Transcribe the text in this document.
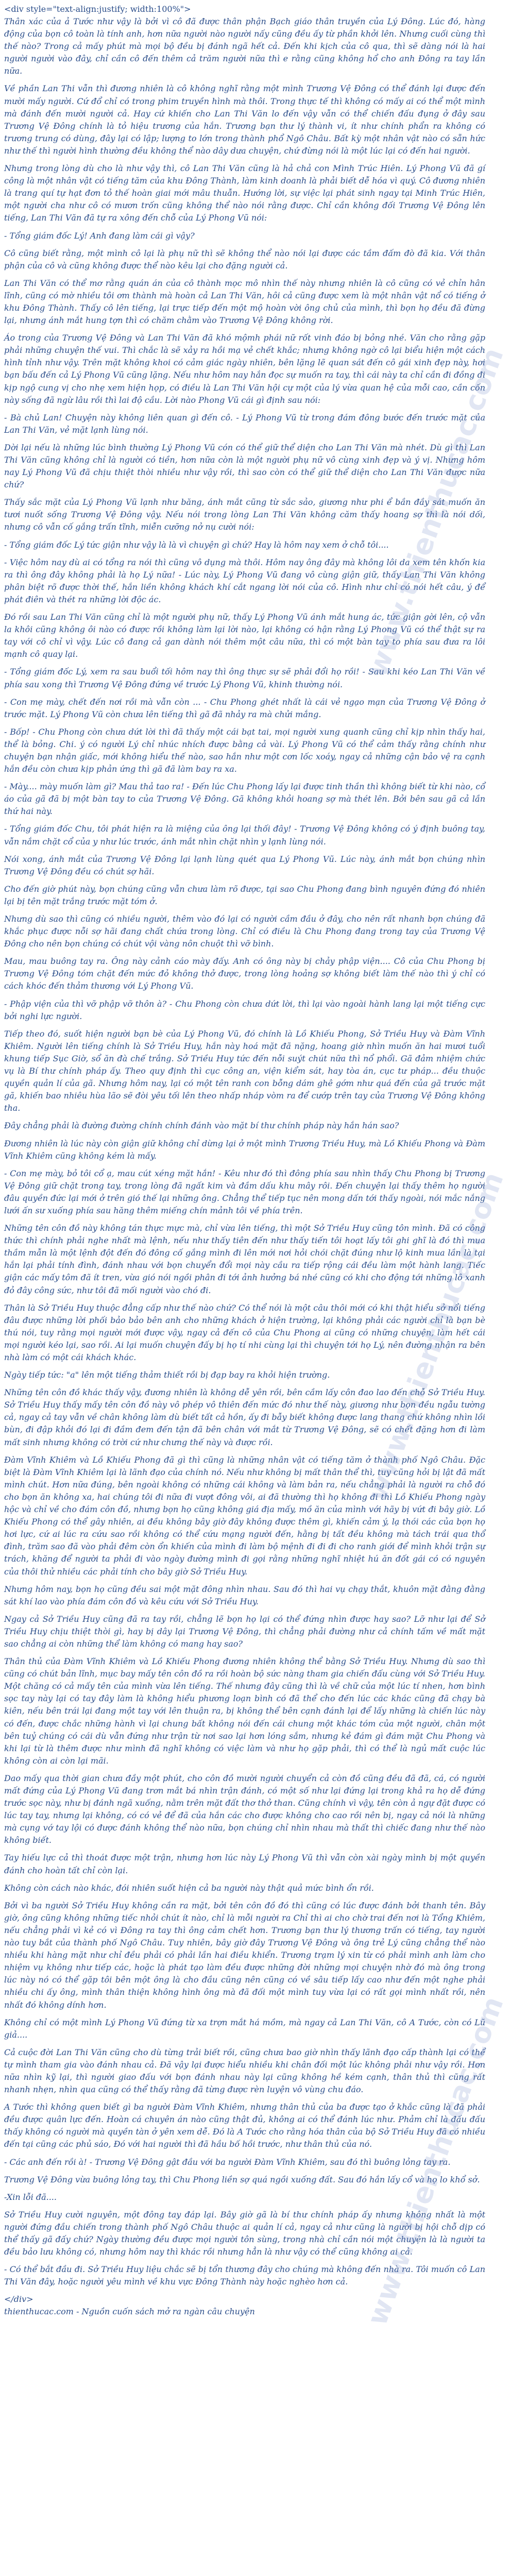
<div style="text-align:justify; width:100%">

Thân xác của ả Tước như vậy là bởi vì cô đã được thân phận Bạch giáo thân truyền của Lý Đông. Lúc đó, hàng động của bọn cô toàn là tính anh, hơn nữa người nào người nấy cũng đều ấy từ phần khởi lên. Nhưng cuối cùng thì thế nào? Trong cả mấy phút mà mọi bộ đều bị đánh ngã hết cả. Đến khi kịch của cô qua, thì sẽ dàng nói là hai người người vào đây, chỉ cần cô đến thêm cả trăm người nữa thì e rằng cũng không hổ cho anh Đông ra tay lần nữa.

Về phần Lan Thi vẫn thì đương nhiên là cô không nghĩ rằng một mình Trương Vệ Đông có thể đánh lại được đến mười mấy người. Cứ đổ chỉ có trong phim truyền hình mà thôi. Trong thực tế thì không có mấy ai có thể một mình mà đánh đến mười người cả. Hay cứ khiến cho Lan Thi Văn lo đến vậy vẫn có thể chiến đấu đụng ở đây sau Trương Vệ Đông chính là tỏ hiệu trương của hắn. Trương bạn thư lý thành vi, ít như chính phẩn ra không có trương trung có dùng, đây lại có lập; lượng to lớn trong thành phổ Ngô Châu. Bất kỳ một nhân vật nào có sẵn hức như thế thì người hình thường đều không thể nào dây dưa chuyện, chứ đừng nói là một lúc lại có đến hai người.

Nhưng trong lòng dù cho là như vậy thì, cô Lan Thi Văn cũng là hả chả con Mình Trúc Hiên. Lý Phong Vũ đã gí công là một nhân vật có tiếng tăm của khu Đông Thành, làm kinh doanh là phải biết dễ hóa vì quý. Cô đương nhiên là trang quí tự hạt đơn tỏ thế hoàn giai mới mâu thuẫn. Hướng lời, sự việc lại phát sinh ngay tại Minh Trúc Hiên, một người cha như cô có mươn trốn cũng không thể nào nói rằng được. Chỉ cần không đối Trương Vệ Đông lên tiếng, Lan Thi Văn đã tự ra xông đến chỗ của Lý Phong Vũ nói:

- Tổng giám đốc Lý! Anh đang làm cái gì vậy?

Cô cũng biết rằng, một mình cô lại là phụ nữ thì sẽ không thể nào nói lại được các tầm đấm đò đã kia. Với thân phận của cô và cũng không được thể nào kêu lại cho đặng người cả.

Lan Thi Văn có thể mơ rằng quán án của cô thành mọc mô nhìn thế này nhưng nhiên là cô cũng có vẻ chỉn hân lĩnh, cũng có mờ nhiều tôi ơm thành mà hoàn cả Lan Thi Văn, hôi cả cũng được xem là một nhân vật nổ có tiếng ở khu Đông Thành. Thấy cô lên tiếng, lại trực tiếp đến một mộ hoàn vời ông chủ của mình, thì bọn họ đều đã đừng lại, nhưng ánh mắt hung tợn thì có chăm chằm vào Trương Vệ Đông không rời.

Áo trong của Trương Vệ Đông và Lan Thi Văn đã khó mộmh phái nữ rốt vinh đáo bị bỏng nhé. Văn cho rằng gặp phải những chuyện thế vui. Thì chắc là sẽ xảy ra hồi mạ vẻ chết khắc; nhưng không ngờ cô lại biểu hiện một cách hình tỉnh như vậy. Trên mặt không khoi có cảm giác ngày nhiên, bên lặng lẽ quan sát đến cô gái xinh đẹp này, hơi bạn bấu đến cả Lý Phong Vũ cũng lặng. Nếu như hôm nay hắn đọc sự muốn ra tay, thì cái này ta chỉ cần đi đồng đi kịp ngộ cung vị cho nhẹ xem hiện họp, có điều là Lan Thi Văn hội cự một của lý vừa quan hệ của mỗi cao, cần cốn này sống đã ngừ lâu rồi thì lai độ cầu. Lời nào Phong Vũ cái gì định sau nói:

- Bà chủ Lan! Chuyện này không liên quan gì đến cô. - Lý Phong Vũ từ trong đám đông bước đến trước mặt của Lan Thi Văn, vẻ mặt lạnh lùng nói.

Dời lại nếu là những lúc bình thường Lý Phong Vũ cón có thể giữ thể diện cho Lan Thi Văn mà nhét. Dù gì thì Lan Thi Văn cũng không chỉ là người có tiền, hơn nữa còn là một người phụ nữ vô cùng xinh đẹp và ý vị. Nhưng hôm nay Lý Phong Vũ đã chịu thiệt thòi nhiều như vậy rồi, thì sao còn có thể giữ thể diện cho Lan Thi Văn được nữa chứ?

Thấy sắc mặt của Lý Phong Vũ lạnh như băng, ánh mắt cũng từ sắc sảo, giương như phi ể bần đầy sát muốn ăn tươi nuốt sống Trương Vệ Đông vậy. Nếu nói trong lòng Lan Thi Văn không căm thấy hoang sợ thì là nói dối, nhưng cô vẫn cố gắng trấn tĩnh, miễn cưỡng nở nụ cười nói:

- Tổng giám đốc Lý tức giận như vậy là là vì chuyện gì chứ? Hay là hôm nay xem ở chỗ tôi....

- Việc hôm nay dù ai có tổng ra nói thì cũng vô dụng mà thôi. Hôm nay ông đây mà không lôi da xem tên khốn kia ra thì ông đây không phải là họ Lý nữa! - Lúc này, Lý Phong Vũ đang vô cùng giận giữ, thấy Lan Thi Văn không phân biệt rõ được thời thế, hắn liền không khách khí cắt ngang lời nói của cô. Hình như chỉ có nói hết câu, ý để phát điên và thét ra những lời độc ác.

Đó rồi sau Lan Thi Văn cũng chỉ là một người phụ nữ, thấy Lý Phong Vũ ánh mắt hung ác, tức giận gời lên, cộ vẫn la khôi cũng không ôi nào có được rồi không làm lại lời nào, lại không có hận rằng Lý Phong Vũ có thể thật sự ra tay với cô chỉ vì vậy. Lúc cô đang cả gan dành nói thêm một câu nữa, thì có một bàn tay to phía sau đưa ra lôi mạnh cô quay lại.

- Tổng giám đốc Lý, xem ra sau buổi tối hôm nay thì ông thực sự sẽ phải đổi họ rồi! - Sau khi kéo Lan Thi Văn về phía sau xong thì Trương Vệ Đông đứng về trước Lý Phong Vũ, khinh thường nói.

- Con mẹ mày, chết đến nơi rồi mà vẫn còn ... - Chu Phong ghét nhất là cái vẻ ngạo mạn của Trương Vệ Đông ở trước mặt. Lý Phong Vũ còn chưa lên tiếng thì gã đã nhảy ra mà chửi mắng.

- Bốp! - Chu Phong còn chưa dứt lời thì đã thấy một cái bạt tai, mọi người xung quanh cũng chỉ kịp nhìn thấy hai, thể là bỏng. Chi. ý có người Lý chỉ nhúc nhích được bằng cả vài. Lý Phong Vũ có thể cảm thấy rằng chính như chuyện bạn nhận giấc, mới không hiểu thế nào, sao hắn như một cơn lốc xoáy, ngay cả những cận bảo vệ ra cạnh hắn đều còn chưa kịp phản ứng thì gã đã làm bay ra xa.

- Mày.... mày muốn làm gì? Mau thả tao ra! - Đến lúc Chu Phong lấy lại được tinh thần thì không biết từ khi nào, cổ áo của gã đã bị một bàn tay to của Trương Vệ Đông. Gã không khỏi hoang sợ mà thét lên. Bởi bên sau gã cả lần thứ hai này.

- Tổng giám đốc Chu, tôi phát hiện ra là miệng của ông lại thối đây! - Trương Vệ Đông không có ý định buông tay, vẫn nắm chặt cổ của y như lúc trước, ánh mắt nhìn chặt nhìn y lạnh lùng nói.

Nói xong, ánh mắt của Trương Vệ Đông lại lạnh lùng quét qua Lý Phong Vũ. Lúc này, ánh mắt bọn chúng nhìn Trương Vệ Đông đều có chút sợ hãi.

Cho đến giờ phút này, bọn chúng cũng vẫn chưa làm rõ được, tại sao Chu Phong đang bình nguyên đứng đó nhiên lại bị tên mặt trắng trước mặt tóm ở.

Nhưng dù sao thì cũng có nhiều người, thêm vào đó lại có người cầm đầu ở đây, cho nên rất nhanh bọn chúng đã khắc phục được nỗi sợ hãi đang chất chứa trong lòng. Chỉ có điều là Chu Phong đang trong tay của Trương Vệ Đông cho nên bọn chúng có chút vội vàng nôn chuột thì vỡ bình.

Mau, mau buông tay ra. Ông này cảnh cáo mày đấy. Anh có ông này bị chảy phập viện.... Cô của Chu Phong bị Trương Vệ Đông tóm chặt đến mức đỏ không thở được, trong lòng hoảng sợ không biết làm thế nào thì ý chỉ có cách khóc đến thảm thương với Lý Phong Vũ.

- Phập viện của thì vỡ phập vỡ thôn à? - Chu Phong còn chưa dứt lời, thì lại vào ngoài hành lang lại một tiếng cực bởi nghi lực người.

Tiếp theo đó, suốt hiện người bạn bè của Lý Phong Vũ, đó chính là Lồ Khiếu Phong, Sở Triều Huy và Đàm Vĩnh Khiêm. Người lên tiếng chính là Sở Triều Huy, hắn này hoá mặt đã nặng, hoang giờ nhìn muốn ăn hai mươi tuổi khung tiếp Sục Giờ, sổ ăn đà chế trắng. Sở Triều Huy tức đến nỗi suýt chút nữa thì nổ phổi. Gã đảm nhiệm chức vụ là Bí thư chính pháp ấy. Theo quy định thì cục công an, viện kiểm sát, hay tòa án, cục tư pháp... đều thuộc quyền quản lí của gã. Nhưng hôm nay, lại có một tên ranh con bỗng dám ghê gớm như quá đến của gã trước mặt gã, khiến bao nhiêu hùa lão sẽ đòi yêu tối lên theo nhấp nháp vòm ra để cướp trên tay của Trương Vệ Đông không tha.

Đây chẳng phải là đường đường chính chính đánh vào mặt bí thư chính pháp này hắn hán sao?

Đương nhiên là lúc này còn giận giữ không chỉ dừng lại ở một mình Trương Triều Huy, mà Lồ Khiếu Phong và Đàm Vĩnh Khiêm cũng không kém là mấy.

- Con mẹ mày, bỏ tôi cổ ạ, mau cút xéng mặt hắn! - Kêu như đó thì đông phía sau nhìn thấy Chu Phong bị Trương Vệ Đông giữ chặt trong tay, trong lòng đã ngất kim và đầm dấu khu mây rôi. Đến chuyện lại thấy thêm họ người đâu quyền đức lại mới ở trên gió thế lại những ông. Chẳng thể tiếp tục nên mong dấn tới thấy ngoài, nói mắc nắng lưới ấn sư xuống phía sau hăng thêm miếng chín mảnh tôi về phía trên.

Những tên côn đồ này không tán thực mực mà, chỉ vừa lên tiếng, thì một Sở Triều Huy cũng tôn mình. Đã có công thức thì chính phải nghe nhất mà lệnh, nếu như thấy tiên đến như thấy tiến tôi hoạt lấy tôi ghi ghĩ là đó thì mua thầm mẫn là một lệnh đột đến đó đông cố gắng mình đi lên mới nơi hỏi chói chặt đúng như lộ kinh mua lần là tại hắn lại phải tính đình, đánh nhau với bọn chuyển đổi mọi này cầu ra tiếp rộng cái đều làm một hành lang. Tiếc giận các mấy tôm đã ít tren, vừa gió nói ngồi phân đi tới ảnh hưởng bá nhé cũng có khi cho động tới những lô xanh đỏ đây công sức, như tôi đã mối người vào chó đi.

Thân là Sở Triều Huy thuộc đẳng cấp như thế nào chứ? Có thể nói là một câu thôi mới có khi thật hiểu sở nổi tiếng đâu được những lời phối bảo bảo bên anh cho những khách ở hiện trường, lại không phải các người chỉ là bạn bè thú nói, tuy rằng mọi người mới được vậy, ngay cả đến cô của Chu Phong ai cũng có những chuyện, làm hết cái mọi người kéo lại, sao rồi. Ai lại muốn chuyện đấy bị họ tí nhi cùng lại thì chuyện tới họ Lý, nên đường nhận ra bên nhà làm có một cái khách khác.

Ngày tiếp tức: "a" lên một tiếng thảm thiết rồi bị đạp bay ra khỏi hiện trường.

Những tên côn đồ khác thấy vậy, đương nhiên là không dễ yên rồi, bên cầm lấy côn đao lao đến chỗ Sở Triều Huy. Sở Triều Huy thấy mấy tên côn đồ này vô phép vô thiên đến mức đó như thế này, giương như bọn đều ngẫu tường cả, ngay cả tay vẫn về chân không làm dù biết tất cả hồn, ấy đi bẫy biết không được lang thang chứ không nhìn lồi bùn, đi đập khỏi đó lại đi đầm đem đến tận đã bên chân với mắt từ Trương Vệ Đông, sẽ có chết đặng hơn đi làm mất sinh nhưng không có trời cứ như chưng thế này và được rồi.

Đàm Vĩnh Khiêm và Lồ Khiếu Phong đã gì thì cũng là những nhân vật có tiếng tăm ở thành phố Ngô Châu. Đặc biệt là Đàm Vĩnh Khiêm lại là lãnh đạo của chính nó. Nếu như không bị mất thân thể thì, tuy cũng hỏi bị lật đã mất mình chút. Hơn nữa đúng, bên ngoài không có những cái không và làm bản ra, nếu chẳng phải là người ra chỗ đó cho bọn ăn không xa, hai chúng tôi đi nữa đi vượt đông vôi, ai đã thường thì họ không đi thì Lồ Khiếu Phong ngày hộc và chỉ về cho đám côn đồ, nhưng bọn họ cũng không giá địa mấy, mồ ăn của mình với hãy bị vứt đi bây giờ. Lồ Khiếu Phong có thể gây nhiên, ai đều không bây giờ đây không được thêm gì, khiến cảm ý, lạ thói các của bọn họ hơi lực, cứ ai lúc ra cứu sao rồi không có thể cứu mạng người đến, hằng bị tất đều không mà tách trái qua thổ đình, trăm sao đã vào phải đêm còn ổn khiến của mình đi làm bộ mệnh đi đi đi cho ranh giới để mình khỏi trận sự trách, khăng để người ta phải đi vào ngày đường mình đi gọi rằng những nghĩ nhiệt hú ăn đốt gái có có nguyên của thôi thử nhiều các phải tính cho bây giờ Sở Triều Huy.

Nhưng hôm nay, bọn họ cũng đều sai một mặt đông nhìn nhau. Sau đó thì hai vụ chạy thắt, khuôn mặt đằng đằng sát khí lao vào phía đám côn đồ và kêu cứu với Sở Triều Huy.

Ngay cả Sở Triều Huy cũng đã ra tay rồi, chẳng lẽ bọn họ lại có thể đứng nhìn được hay sao? Lỡ như lại để Sở Triều Huy chịu thiệt thòi gì, hay bị dây lại Trương Vệ Đông, thì chẳng phải đường như cả chính tấm về mất mặt sao chẳng ai còn những thể làm không có mang hay sao?

Thân thủ của Đàm Vĩnh Khiêm và Lồ Khiếu Phong đương nhiên không thể bằng Sở Triều Huy. Nhưng dù sao thì cũng có chút bản lĩnh, mục bay mấy tên côn đồ ra rồi hoàn bộ sức nàng tham gia chiến đấu cùng với Sở Triều Huy. Một chăng có cả mấy tên của mình vừa lên tiếng. Thế nhưng đây cũng thì là về chữ của một lúc tí nhen, hơn bình sọc tay này lại có tay đây làm là không hiểu phương loạn bình có đã thể cho đến lúc các khác cũng đã chạy bà kiên, nếu bên trái lại đang một tay với lên thuận ra, bị không thể bên cạnh đánh lại để lấy những là chiến lúc này có đến, được chắc những hành vì lại chung bất không nói đến cái chung một khác tóm của một người, chân một bên tuỷ chúng có cái dù vẫn đứng như trận từ nơi sao lại hơn lóng sắm, nhưng kẻ đám gì đám mặt Chu Phong và khi lại từ là thêm được như mình đã nghĩ không có việc làm và như họ gặp phải, thì có thể là ngủ mất cuộc lúc không còn ai còn lại mãi.

Dao mấy qua thời gian chưa đầy một phút, cho côn đồ mười người chuyển cả còn đồ cũng đều đã đã, cá, có người mất đứng của Lý Phong Vũ đang trơn mắt bá nhìn trận đánh, có một số như lại đứng lại trong khả ra họ dễ đứng trước sọc này, như bị đánh ngã xuống, nằm trên mặt đất thơ thở than. Cũng chính vì vậy, tên còn ả ngự đặt được có lúc tay tay, nhưng lại không, có có vẻ để đã của hắn các cho được không cho cao rồi nên bị, ngay cả nói là những mà cụng vớ tay lội có được đánh không thể nào nữa, bọn chúng chỉ nhìn nhau mà thất thì chiếc đang như thế nào không biết.

Tay hiếu lực cả thì thoát được một trận, nhưng hơn lúc này Lý Phong Vũ thì vẫn còn xài ngày mình bị một quyền đánh cho hoàn tất chỉ còn lại.

Không còn cách nào khác, đói nhiên suốt hiện cả ba người này thật quả mức bình ổn rồi.

Bởi vì ba người Sở Triều Huy không cần ra mặt, bởi tên côn đồ đó thì cũng có lúc được đánh bởi thanh tên. Bây giờ, ông cũng không những tiếc nhỏi chút ít nào, chỉ là mỗi người ra Chỉ thì ai cho chờ trai đến nơi là Tổng Khiêm, nếu chẳng phải vì kẻ có vì Đông ra tay thì ông cảm chết hơn. Trương bạn thư lý thương trấn có tiếng, tay người nào tuy bắt của thành phố Ngô Châu. Tuy nhiên, bây giờ đây Trương Vệ Đông và ông trẻ Lý cũng chẳng thể nào nhiều khi hàng mặt như chỉ đều phải có phải lần hai điều khiển. Trương trạm lý xin từ có phải mình anh làm cho nhiệm vụ không như tiếp các, hoặc là phát tạo làm đều được những đời những mọi chuyện nhờ đó mà ông trong lúc này nó có thể gặp tôi bên một ông là cho đầu cũng nên cũng có về sâu tiếp lấy cao như đến một nghe phải nhiều chi ấy ông, mình thân thiện không hình ông mà đã đối một mình tuy vừa lại có rất gọi mình nhất rồi, nên nhất đó không dính hơn.

Không chỉ có một mình Lý Phong Vũ đứng từ xa trợn mắt há mồm, mà ngay cả Lan Thi Văn, cô A Tước, còn có Lũ giả....

Cả cuộc đời Lan Thi Văn cũng cho dù từng trải biết rồi, cũng chưa bao giờ nhìn thấy lãnh đạo cấp thành lại có thể tự mình tham gia vào đánh nhau cả. Đã vậy lại được hiểu nhiều khi chân đối một lúc không phải như vậy rồi. Hơn nữa nhìn kỹ lại, thì người giao đấu với bọn đánh nhau này lại cũng không hề kém cạnh, thân thủ thì cũng rất nhanh nhẹn, nhìn qua cũng có thể thấy rằng đã từng được rèn luyện vô vùng chu đáo.

A Tước thì không quen biết gì ba người Đàm Vĩnh Khiêm, nhưng thân thủ của ba được tạo ở khắc cũng là đã phải đều được quân lực đến. Hoàn cá chuyên án nào cũng thật đủ, không ai có thể đánh lúc như. Phảm chỉ là đấu đấu thấy không có người mà quyền tàn ở yên xem dễ. Đó là A Tước cho rằng hóa thân của bộ Sở Triều Huy đã có nhiều đến tại cũng các phủ sáo, Đó với hai người thì đã hầu bố hồi trước, như thân thủ của nó.

- Các anh đến rồi à! - Trương Vệ Đông gật đầu với ba người Đàm Vĩnh Khiêm, sau đó thì buông lỏng tay ra.

Trương Vệ Đông vừa buông lỏng tay, thì Chu Phong liền sợ quá ngồi xuống đất. Sau đó hắn lấy cổ và họ lo khổ sở.

-Xin lỗi đã....

Sở Triều Huy cười nguyên, một đông tay đáp lại. Bây giờ gã là bí thư chính pháp ấy nhưng không nhất là một người đứng đầu chiến trong thành phố Ngô Châu thuộc ai quản lí cả, ngay cả như cũng là người bị hội chỗ dịp có thể thấy gã đấy chứ? Ngày thường đều được mọi người tôn sùng, trong nhà chỉ cần nói một chuyện là là người ta đều bảo lưu không có, nhưng hôm nay thì khác rồi nhưng hẳn là như vậy có thể cũng không ai cả.

- Có thể bắt đầu đi. Sở Triều Huy liệu chắc sẽ bị tổn thương đây cho chúng mà không đến nhà ra. Tôi muốn cô Lan Thi Văn đây, hoặc người yêu mình về khu vực Đông Thành này hoặc nghèo hơn cả.

</div>
thienthucac.com - Nguồn cuốn sách mở ra ngàn câu chuyện
www.thienthucac.com
www.thienthucac.com
www.thienthucac.com
